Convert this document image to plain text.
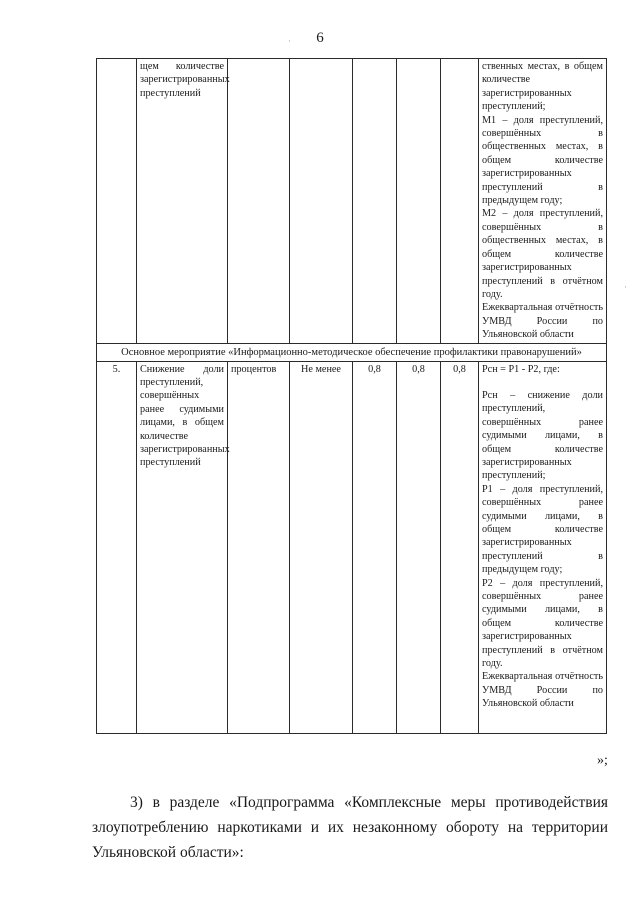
6
	щем количестве зарегистрированных преступлений						ственных местах, в общем количестве зарегистрированных преступлений;
M1 – доля преступлений, совершённых в общественных местах, в общем количестве зарегистрированных преступлений в предыдущем году;
M2 – доля преступлений, совершённых в общественных местах, в общем количестве зарегистрированных преступлений в отчётном году.
Ежеквартальная отчётность УМВД России по Ульяновской области

Основное мероприятие «Информационно-методическое обеспечение профилактики правонарушений»							
5.	Снижение доли преступлений, совершённых ранее судимыми лицами, в общем количестве зарегистрированных преступлений	процентов	Не менее	0,8	0,8	0,8	Рсн = Р1 - Р2, где:
Рсн – снижение доли преступлений, совершённых ранее судимыми лицами, в общем количестве зарегистрированных преступлений;
Р1 – доля преступлений, совершённых ранее судимыми лицами, в общем количестве зарегистрированных преступлений в предыдущем году;
Р2 – доля преступлений, совершённых ранее судимыми лицами, в общем количестве зарегистрированных преступлений в отчётном году.
Ежеквартальная отчётность УМВД России по Ульяновской области
»;
3) в разделе «Подпрограмма «Комплексные меры противодействия злоупотреблению наркотиками и их незаконному обороту на территории Ульяновской области»:
·
·
